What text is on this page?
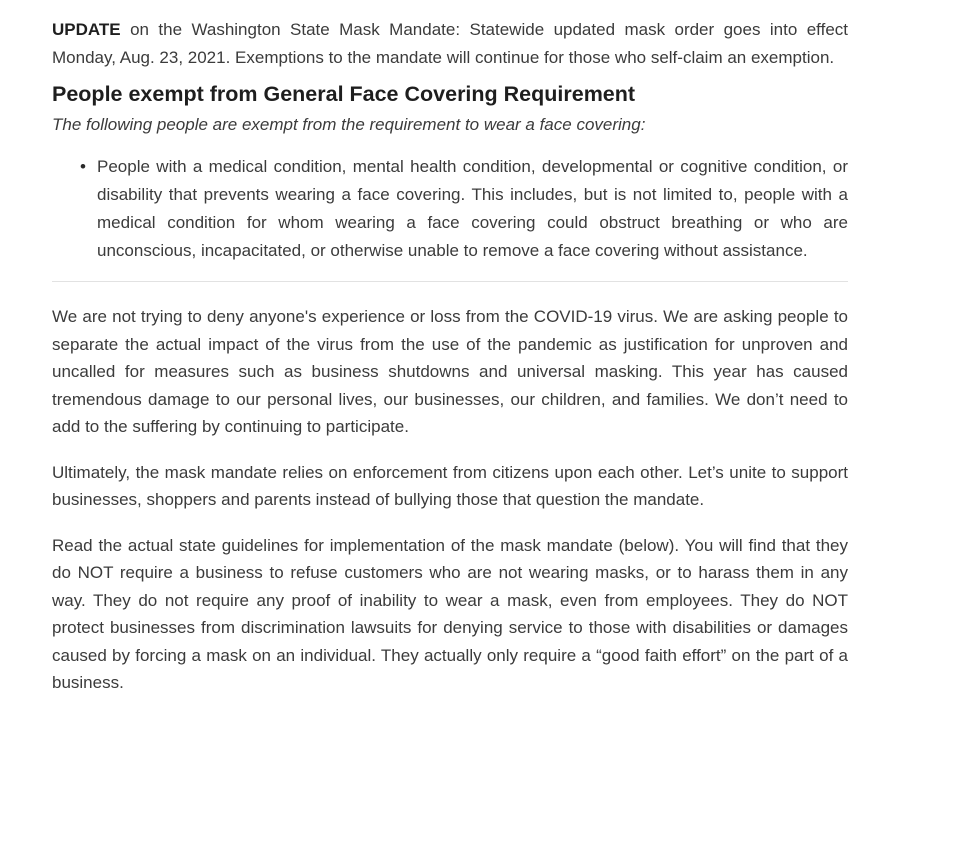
UPDATE on the Washington State Mask Mandate: Statewide updated mask order goes into effect Monday, Aug. 23, 2021. Exemptions to the mandate will continue for those who self-claim an exemption.

People exempt from General Face Covering Requirement

The following people are exempt from the requirement to wear a face covering:

• People with a medical condition, mental health condition, developmental or cognitive condition, or disability that prevents wearing a face covering. This includes, but is not limited to, people with a medical condition for whom wearing a face covering could obstruct breathing or who are unconscious, incapacitated, or otherwise unable to remove a face covering without assistance.

We are not trying to deny anyone's experience or loss from the COVID-19 virus. We are asking people to separate the actual impact of the virus from the use of the pandemic as justification for unproven and uncalled for measures such as business shutdowns and universal masking. This year has caused tremendous damage to our personal lives, our businesses, our children, and families. We don’t need to add to the suffering by continuing to participate.

Ultimately, the mask mandate relies on enforcement from citizens upon each other. Let’s unite to support businesses, shoppers and parents instead of bullying those that question the mandate.

Read the actual state guidelines for implementation of the mask mandate (below). You will find that they do NOT require a business to refuse customers who are not wearing masks, or to harass them in any way. They do not require any proof of inability to wear a mask, even from employees. They do NOT protect businesses from discrimination lawsuits for denying service to those with disabilities or damages caused by forcing a mask on an individual. They actually only require a “good faith effort” on the part of a business.
